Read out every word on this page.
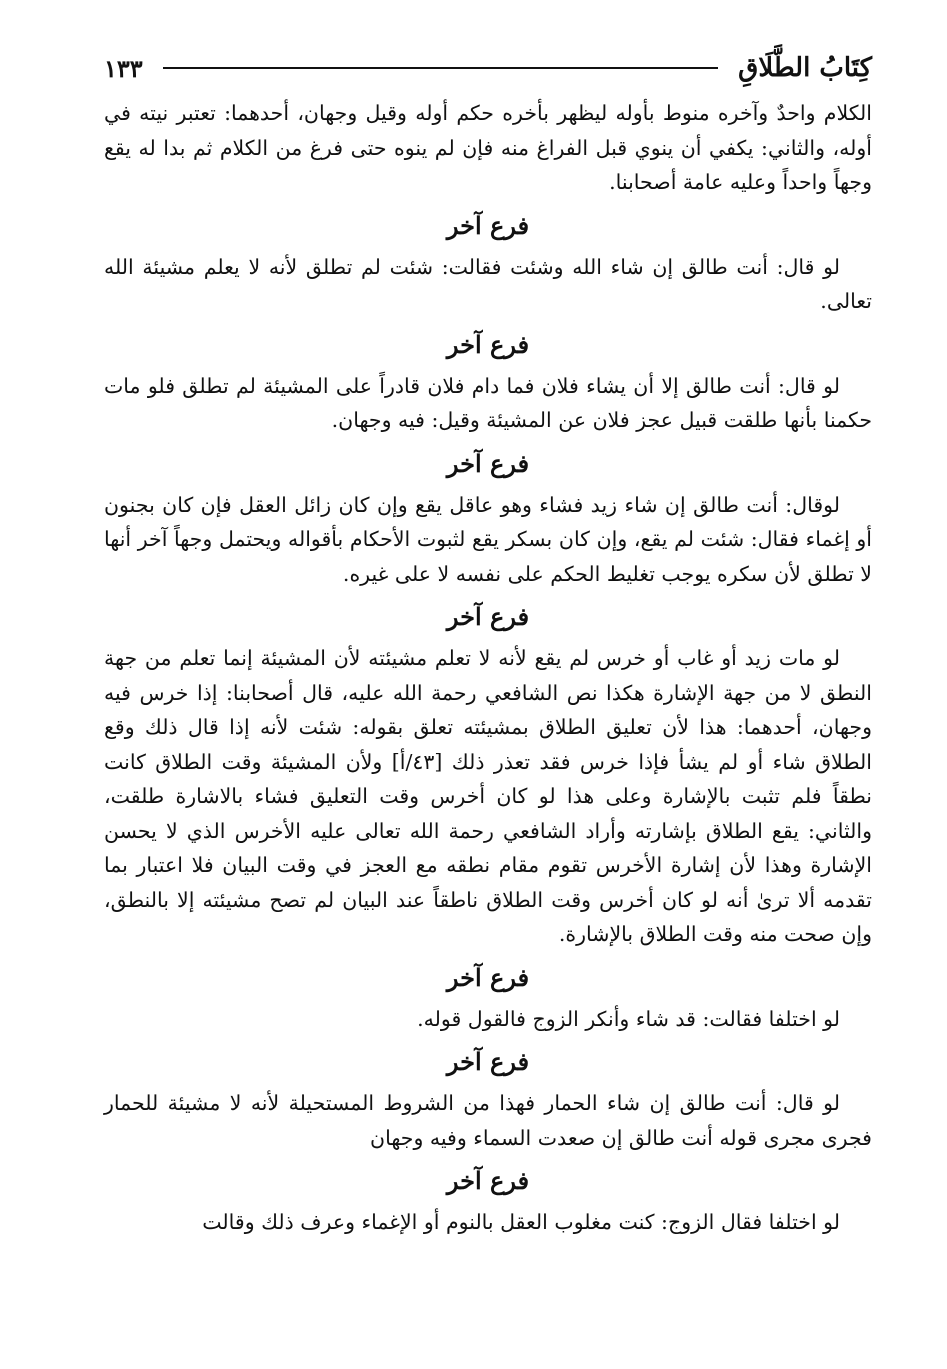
كِتَابُ الطَّلَاقِ
١٣٣

الكلام واحدٌ وآخره منوط بأوله ليظهر بأخره حكم أوله وقيل وجهان، أحدهما: تعتبر نيته في أوله، والثاني: يكفي أن ينوي قبل الفراغ منه فإن لم ينوه حتى فرغ من الكلام ثم بدا له يقع وجهاً واحداً وعليه عامة أصحابنا.

فرع آخر

لو قال: أنت طالق إن شاء الله وشئت فقالت: شئت لم تطلق لأنه لا يعلم مشيئة الله تعالى.

فرع آخر

لو قال: أنت طالق إلا أن يشاء فلان فما دام فلان قادراً على المشيئة لم تطلق فلو مات حكمنا بأنها طلقت قبيل عجز فلان عن المشيئة وقيل: فيه وجهان.

فرع آخر

لوقال: أنت طالق إن شاء زيد فشاء وهو عاقل يقع وإن كان زائل العقل فإن كان بجنون أو إغماء فقال: شئت لم يقع، وإن كان بسكر يقع لثبوت الأحكام بأقواله ويحتمل وجهاً آخر أنها لا تطلق لأن سكره يوجب تغليط الحكم على نفسه لا على غيره.

فرع آخر

لو مات زيد أو غاب أو خرس لم يقع لأنه لا تعلم مشيئته لأن المشيئة إنما تعلم من جهة النطق لا من جهة الإشارة هكذا نص الشافعي رحمة الله عليه، قال أصحابنا: إذا خرس فيه وجهان، أحدهما: هذا لأن تعليق الطلاق بمشيئته تعلق بقوله: شئت لأنه إذا قال ذلك وقع الطلاق شاء أو لم يشأ فإذا خرس فقد تعذر ذلك [٤٣/أ] ولأن المشيئة وقت الطلاق كانت نطقاً فلم تثبت بالإشارة وعلى هذا لو كان أخرس وقت التعليق فشاء بالاشارة طلقت، والثاني: يقع الطلاق بإشارته وأراد الشافعي رحمة الله تعالى عليه الأخرس الذي لا يحسن الإشارة وهذا لأن إشارة الأخرس تقوم مقام نطقه مع العجز في وقت البيان فلا اعتبار بما تقدمه ألا ترىٰ أنه لو كان أخرس وقت الطلاق ناطقاً عند البيان لم تصح مشيئته إلا بالنطق، وإن صحت منه وقت الطلاق بالإشارة.

فرع آخر

لو اختلفا فقالت: قد شاء وأنكر الزوج فالقول قوله.

فرع آخر

لو قال: أنت طالق إن شاء الحمار فهذا من الشروط المستحيلة لأنه لا مشيئة للحمار فجرى مجرى قوله أنت طالق إن صعدت السماء وفيه وجهان

فرع آخر

لو اختلفا فقال الزوج: كنت مغلوب العقل بالنوم أو الإغماء وعرف ذلك وقالت
